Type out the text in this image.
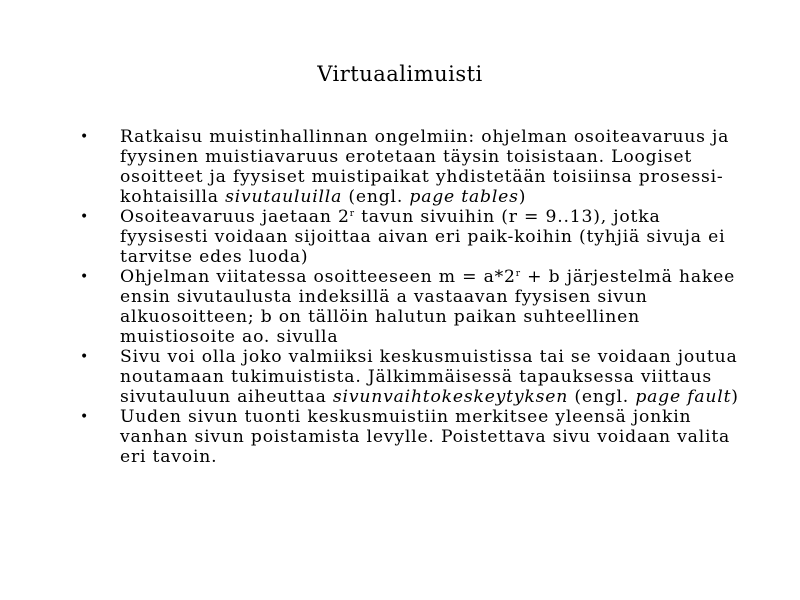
Virtuaalimuisti
• Ratkaisu muistinhallinnan ongelmiin: ohjelman osoiteavaruus ja fyysinen muistiavaruus erotetaan täysin toisistaan. Loogiset osoitteet ja fyysiset muistipaikat yhdistetään toisiinsa prosessi-kohtaisilla sivutauluilla (engl. page tables)
• Osoiteavaruus jaetaan 2$^r$ tavun sivuihin (r = 9..13), jotka fyysisesti voidaan sijoittaa aivan eri paik-koihin (tyhjiä sivuja ei tarvitse edes luoda)
• Ohjelman viitatessa osoitteeseen $m = a*2^r + b$ järjestelmä hakee ensin sivutaulusta indeksillä a vastaavan fyysisen sivun alkuosoitteen; b on tällöin halutun paikan suhteellinen muistiosoite ao. sivulla
• Sivu voi olla joko valmiiksi keskusmuistissa tai se voidaan joutua noutamaan tukimuistista. Jälkimmäisessä tapauksessa viittaus sivutauluun aiheuttaa sivunvaihtokeskeytyksen (engl. page fault)
• Uuden sivun tuonti keskusmuistiin merkitsee yleensä jonkin vanhan sivun poistamista levylle. Poistettava sivu voidaan valita eri tavoin.
